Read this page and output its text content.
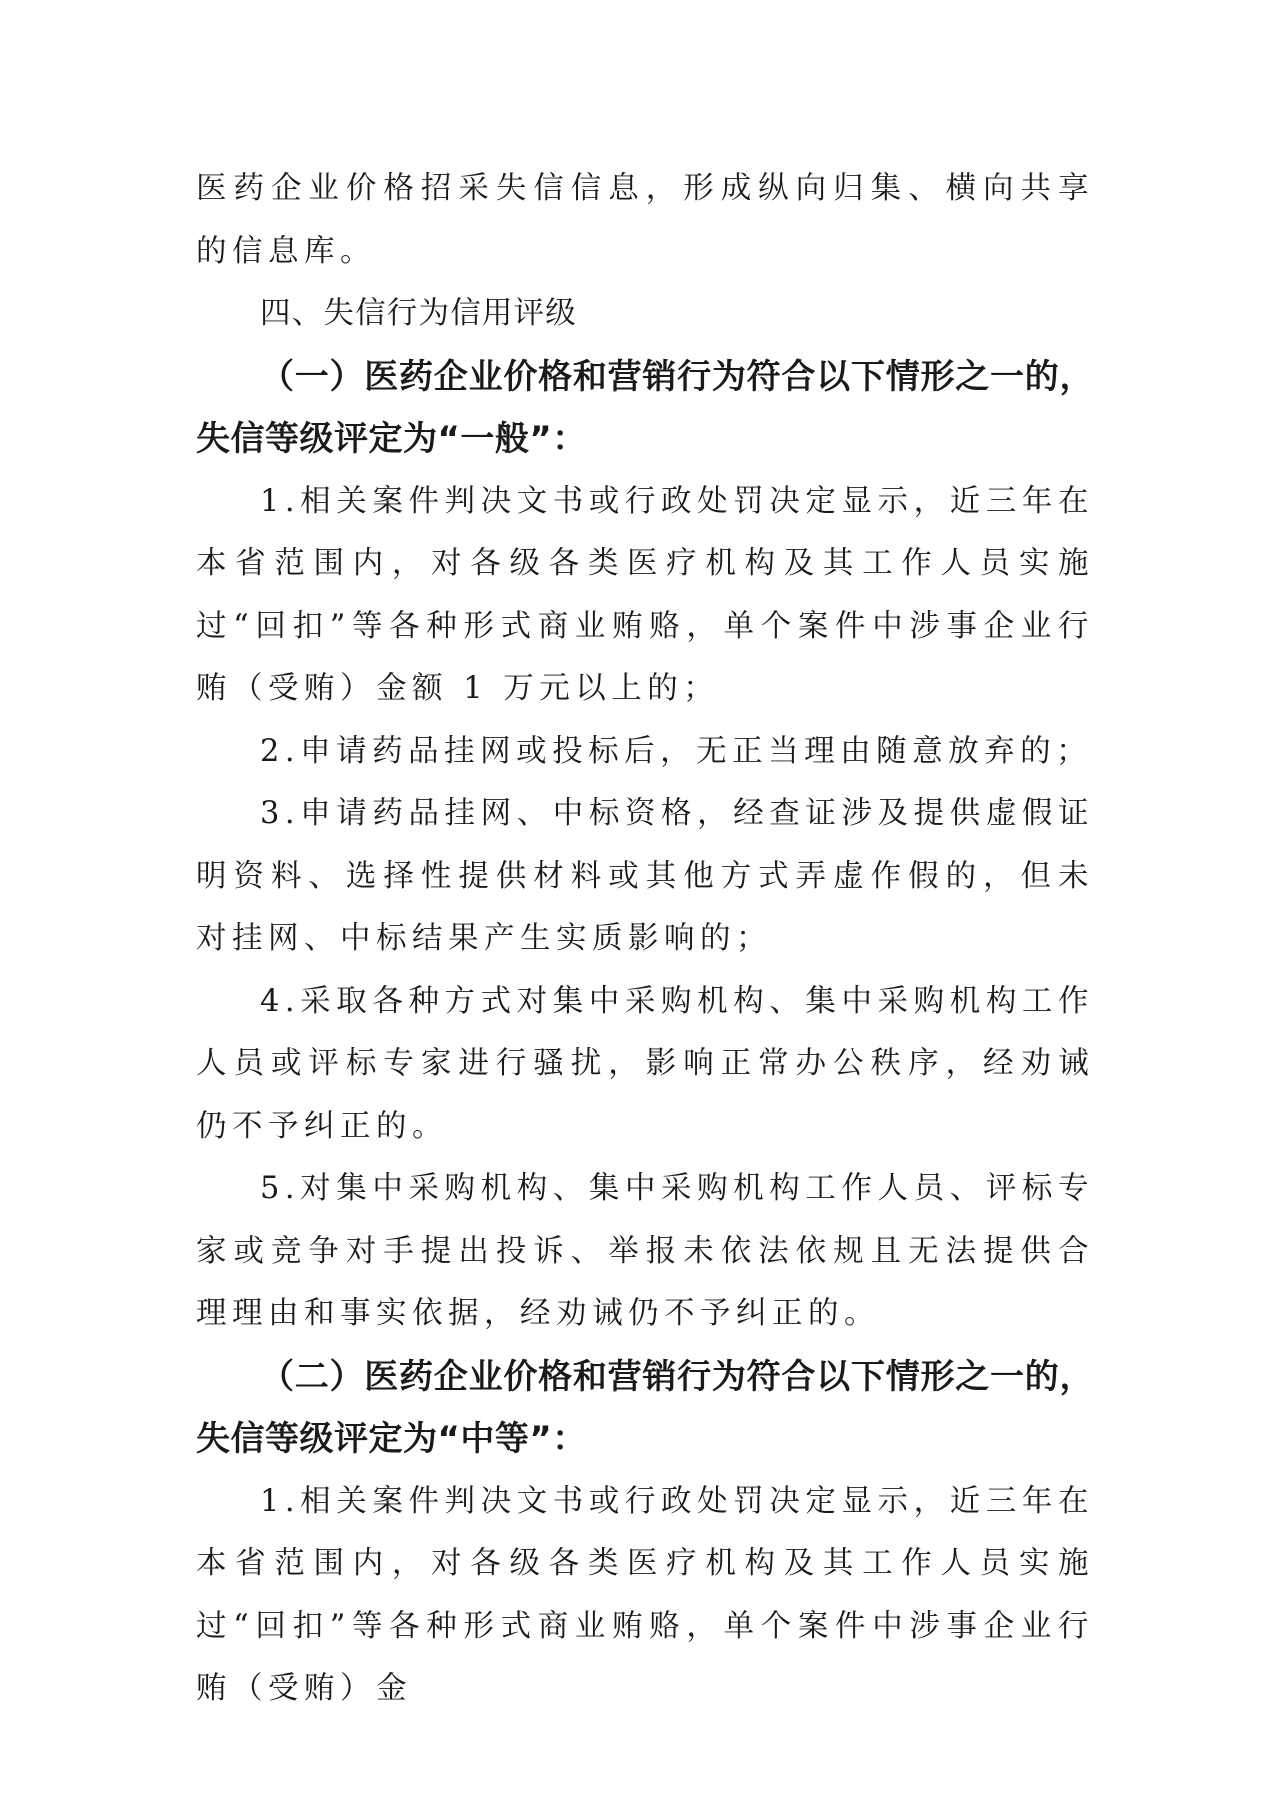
医药企业价格招采失信信息，形成纵向归集、横向共享的信息库。

四、失信行为信用评级

（一）医药企业价格和营销行为符合以下情形之一的，失信等级评定为“一般”：

1.相关案件判决文书或行政处罚决定显示，近三年在本省范围内，对各级各类医疗机构及其工作人员实施过“回扣”等各种形式商业贿赂，单个案件中涉事企业行贿（受贿）金额 1 万元以上的；

2.申请药品挂网或投标后，无正当理由随意放弃的；

3.申请药品挂网、中标资格，经查证涉及提供虚假证明资料、选择性提供材料或其他方式弄虚作假的，但未对挂网、中标结果产生实质影响的；

4.采取各种方式对集中采购机构、集中采购机构工作人员或评标专家进行骚扰，影响正常办公秩序，经劝诫仍不予纠正的。

5.对集中采购机构、集中采购机构工作人员、评标专家或竞争对手提出投诉、举报未依法依规且无法提供合理理由和事实依据，经劝诫仍不予纠正的。

（二）医药企业价格和营销行为符合以下情形之一的，失信等级评定为“中等”：

1.相关案件判决文书或行政处罚决定显示，近三年在本省范围内，对各级各类医疗机构及其工作人员实施过“回扣”等各种形式商业贿赂，单个案件中涉事企业行贿（受贿）金
